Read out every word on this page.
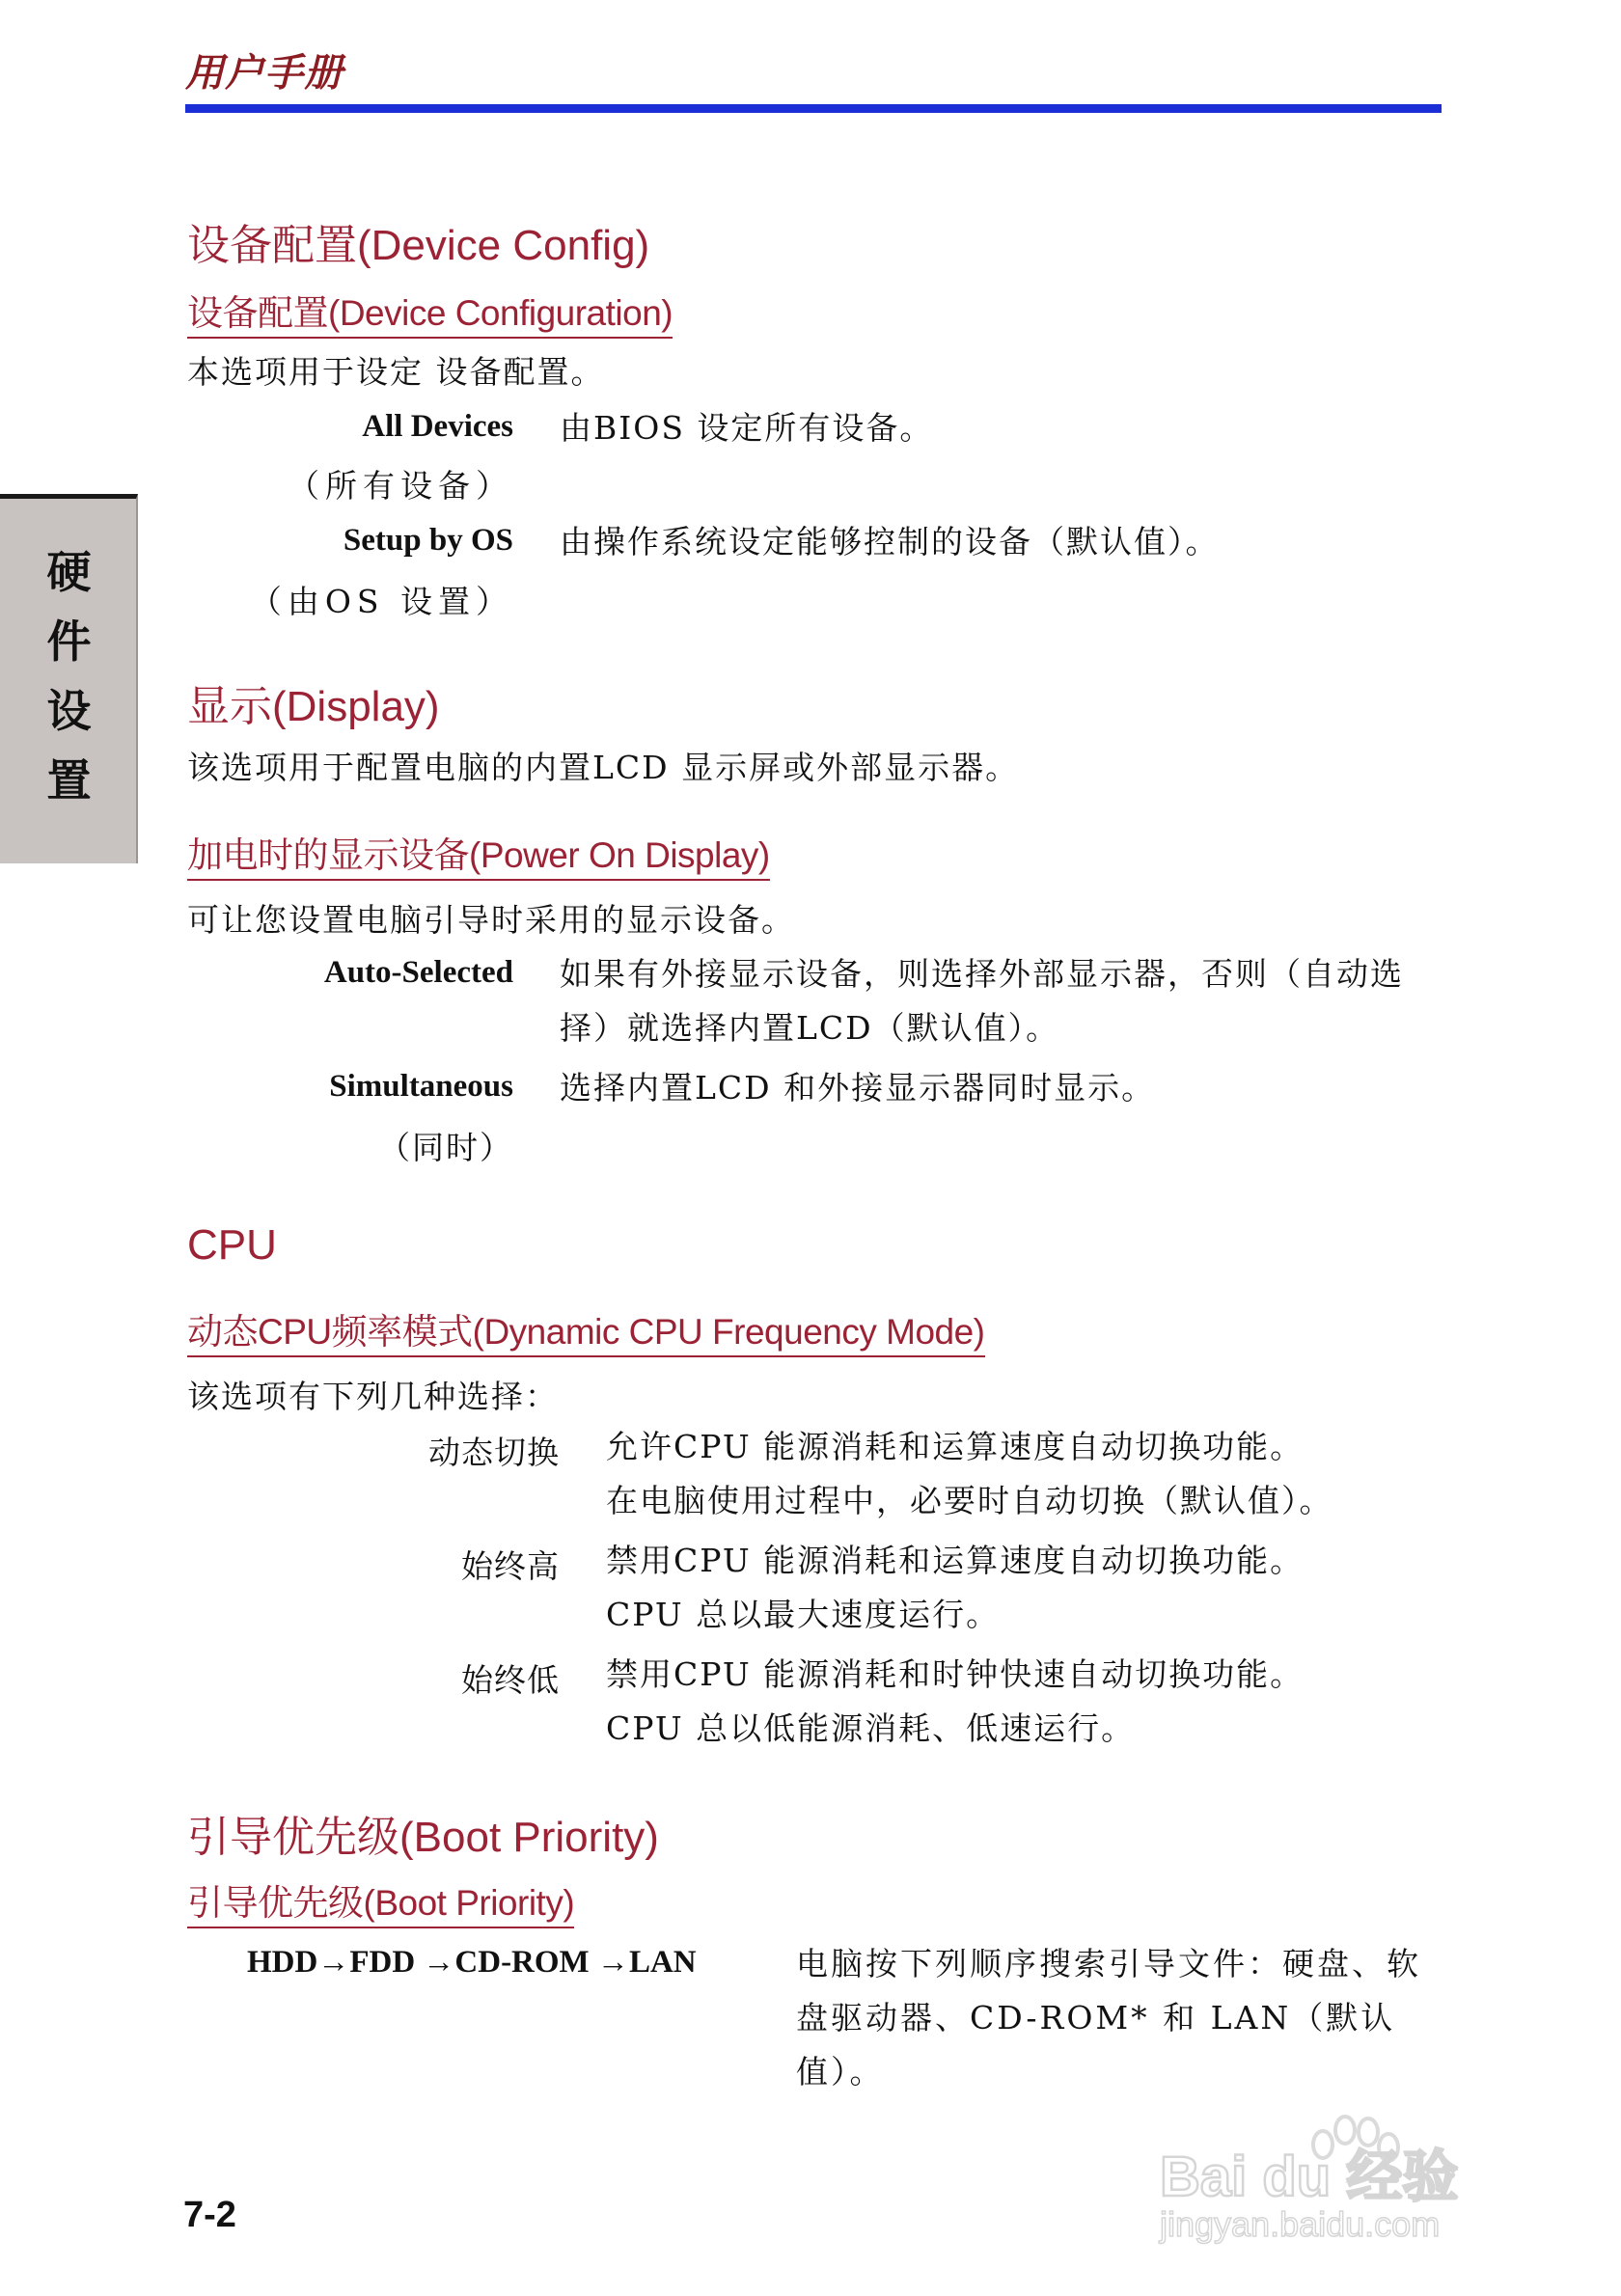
用户手册
硬
件
设
置
设备配置(Device Config)
设备配置(Device Configuration)
本选项用于设定 设备配置。
All Devices
（所有设备）
由BIOS 设定所有设备。
Setup by OS
（由OS 设置）
由操作系统设定能够控制的设备（默认值）。
显示(Display)
该选项用于配置电脑的内置LCD 显示屏或外部显示器。
加电时的显示设备(Power On Display)
可让您设置电脑引导时采用的显示设备。
Auto-Selected 如果有外接显示设备，则选择外部显示器，否则（自动选择）就选择内置LCD（默认值）。
Simultaneous
（同时）
选择内置LCD 和外接显示器同时显示。
CPU
动态CPU频率模式(Dynamic CPU Frequency Mode)
该选项有下列几种选择：
动态切换 允许CPU 能源消耗和运算速度自动切换功能。
在电脑使用过程中，必要时自动切换（默认值）。
始终高 禁用CPU 能源消耗和运算速度自动切换功能。
CPU 总以最大速度运行。
始终低 禁用CPU 能源消耗和时钟快速自动切换功能。
CPU 总以低能源消耗、低速运行。
引导优先级(Boot Priority)
引导优先级(Boot Priority)
HDD→FDD →CD-ROM →LAN	电脑按下列顺序搜索引导文件：硬盘、软盘驱动器、CD-ROM* 和 LAN（默认值）。
7-2
Bai du 经验
jingyan.baidu.com
